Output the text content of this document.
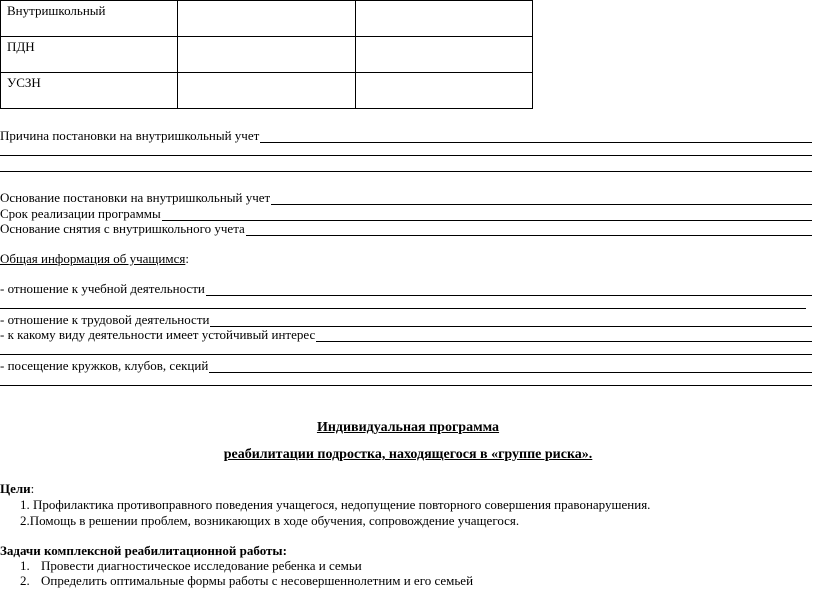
Внутришкольный		
ПДН		
УСЗН		
Причина постановки на внутришкольный учет
Основание постановки на внутришкольный учет
Срок реализации программы
Основание снятия с внутришкольного учета
Общая информация об учащимся:
- отношение к учебной деятельности
- отношение к трудовой деятельности
- к какому виду деятельности имеет устойчивый интерес
- посещение кружков, клубов, секций
Индивидуальная программа
реабилитации подростка, находящегося в «группе риска».
Цели:
1. Профилактика противоправного поведения учащегося, недопущение повторного совершения правонарушения.
2.Помощь в решении проблем, возникающих в ходе обучения, сопровождение учащегося.
Задачи комплексной реабилитационной работы:
1. Провести диагностическое исследование ребенка и семьи
2. Определить оптимальные формы работы с несовершеннолетним и его семьей
